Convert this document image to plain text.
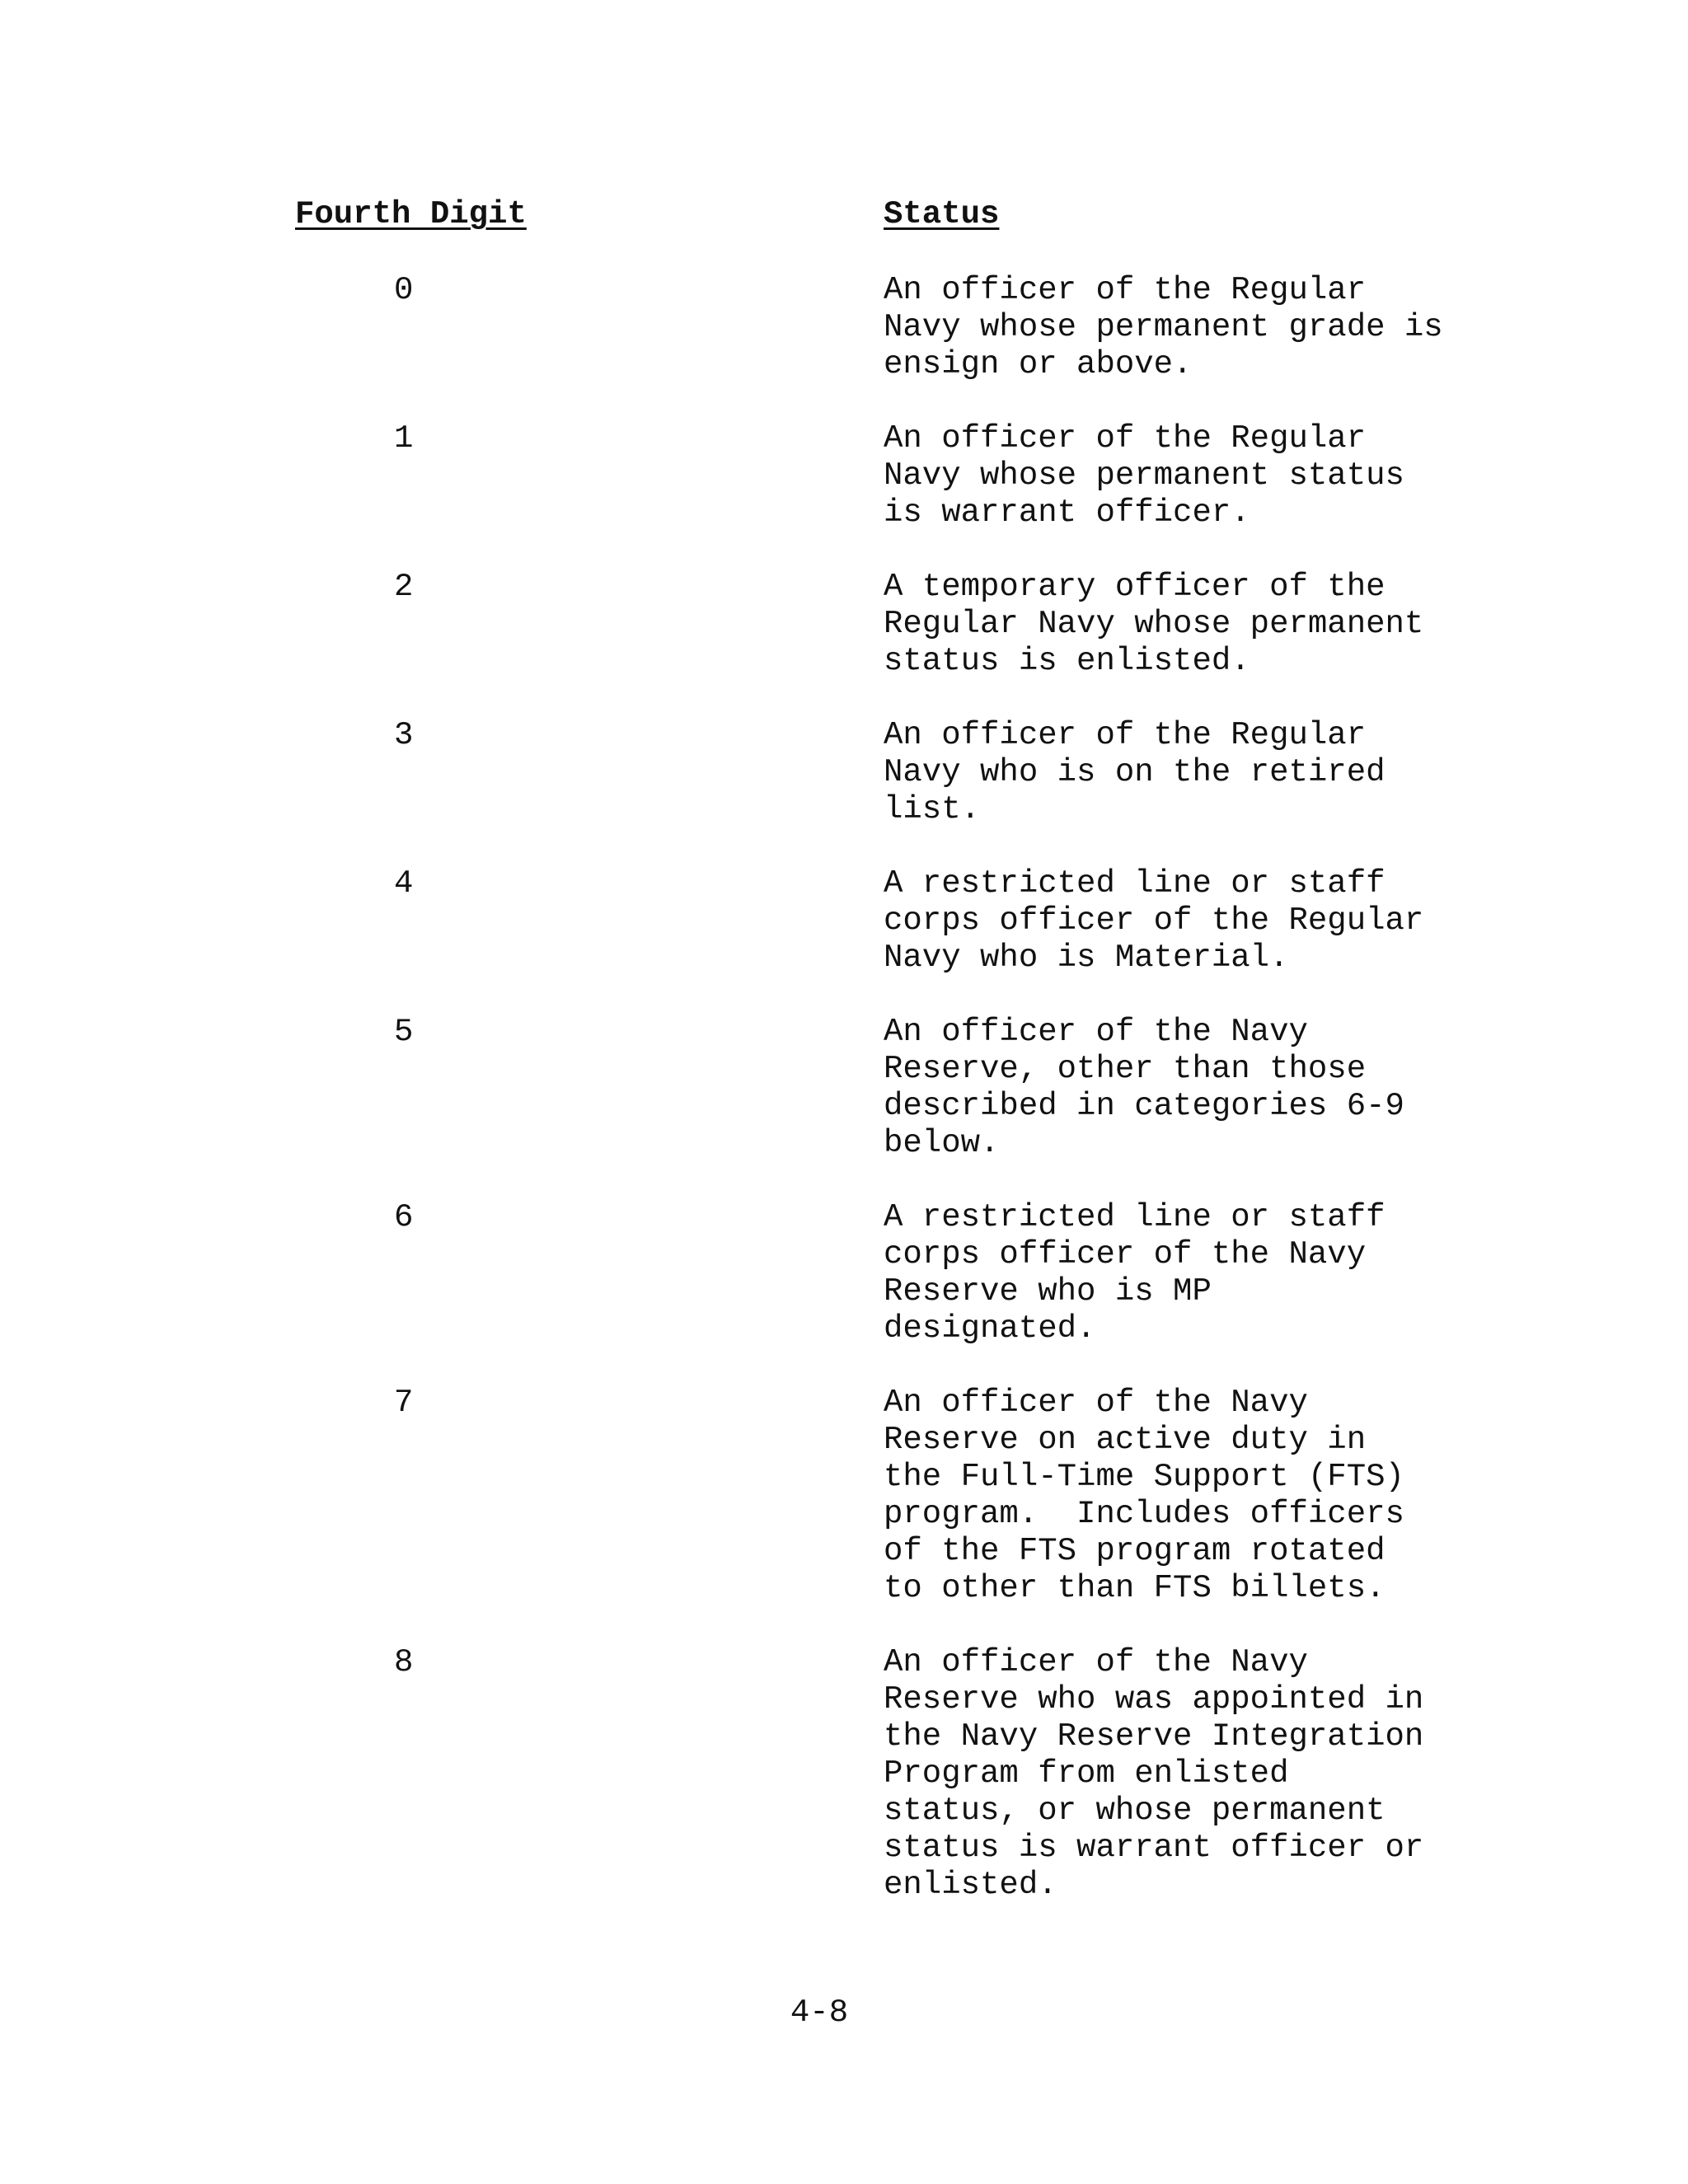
Fourth Digit	Status
0	An officer of the Regular
Navy whose permanent grade is
ensign or above.
1	An officer of the Regular
Navy whose permanent status
is warrant officer.
2	A temporary officer of the
Regular Navy whose permanent
status is enlisted.
3	An officer of the Regular
Navy who is on the retired
list.
4	A restricted line or staff
corps officer of the Regular
Navy who is Material.
5	An officer of the Navy
Reserve, other than those
described in categories 6-9
below.
6	A restricted line or staff
corps officer of the Navy
Reserve who is MP
designated.
7	An officer of the Navy
Reserve on active duty in
the Full-Time Support (FTS)
program.  Includes officers
of the FTS program rotated
to other than FTS billets.
8	An officer of the Navy
Reserve who was appointed in
the Navy Reserve Integration
Program from enlisted
status, or whose permanent
status is warrant officer or
enlisted.
4-8
